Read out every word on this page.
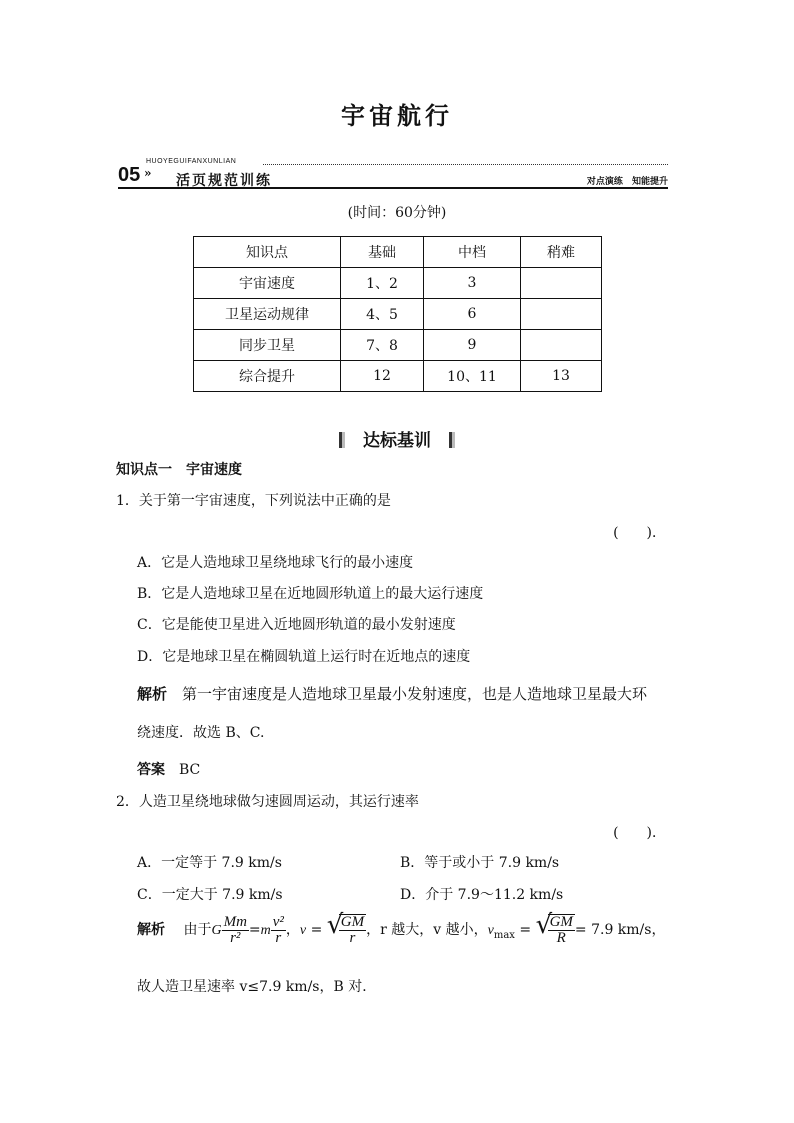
宇宙航行
05 »
HUOYEGUIFANXUNLIAN
活页规范训练	对点演练 知能提升
(时间：60分钟)
知识点	基础	中档	稍难
宇宙速度	1、2	3	
卫星运动规律	4、5	6	
同步卫星	7、8	9	
综合提升	12	10、11	13
达标基训
知识点一　宇宙速度
1．关于第一宇宙速度，下列说法中正确的是
(　　)．
A．它是人造地球卫星绕地球飞行的最小速度
B．它是人造地球卫星在近地圆形轨道上的最大运行速度
C．它是能使卫星进入近地圆形轨道的最小发射速度
D．它是地球卫星在椭圆轨道上运行时在近地点的速度
解析　 第一宇宙速度是人造地球卫星最小发射速度，也是人造地球卫星最大环
绕速度．故选 B、C.
答案　 BC
2．人造卫星绕地球做匀速圆周运动，其运行速率
(　　)．
A．一定等于 7.9 km/s	B．等于或小于 7.9 km/s
C．一定大于 7.9 km/s	D．介于 7.9～11.2 km/s
解析　 由于G $\frac{Mm}{\text{r²}} =m \frac{\text{v²}}{r}$ ，v = √
$\frac{GM}{r}$ ，r 越大，v 越小，$v_{max}$ = √
$\frac{GM}{R} = 7.9$ km/s，
故人造卫星速率 v≤7.9 km/s，B 对．
